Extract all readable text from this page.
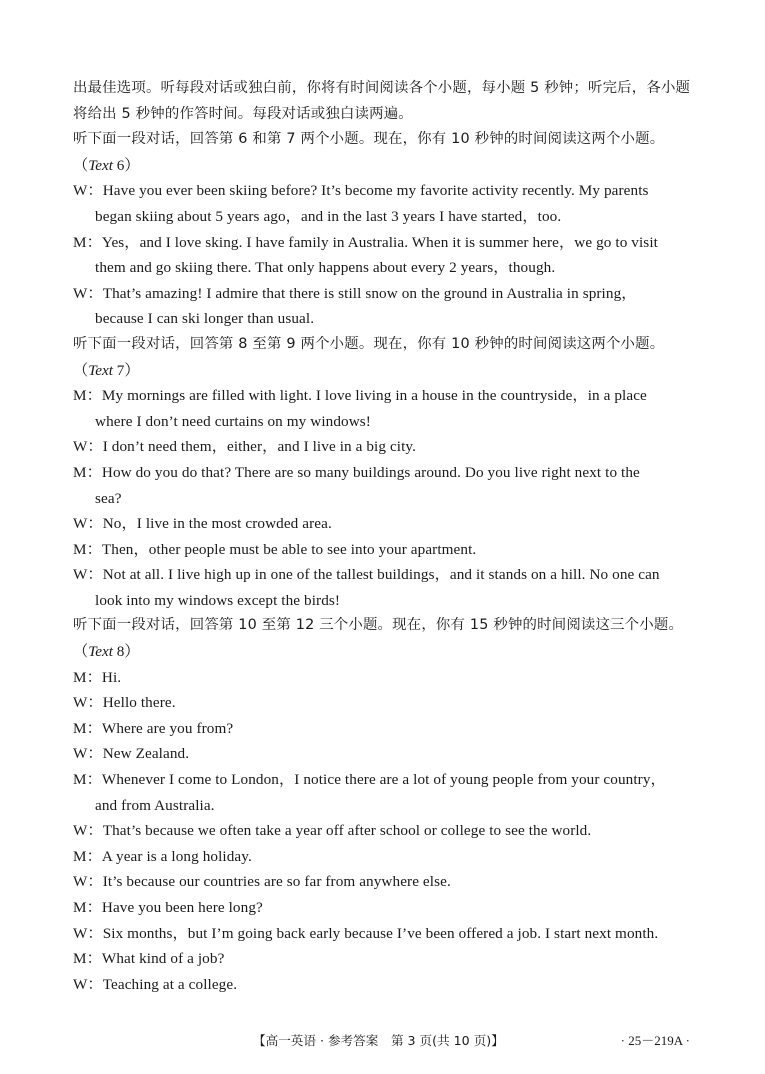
出最佳选项。听每段对话或独白前，你将有时间阅读各个小题，每小题 5 秒钟；听完后，各小题
将给出 5 秒钟的作答时间。每段对话或独白读两遍。
听下面一段对话，回答第 6 和第 7 两个小题。现在，你有 10 秒钟的时间阅读这两个小题。
（Text 6）
W：Have you ever been skiing before? It’s become my favorite activity recently. My parents
began skiing about 5 years ago，and in the last 3 years I have started，too.
M：Yes，and I love sking. I have family in Australia. When it is summer here，we go to visit
them and go skiing there. That only happens about every 2 years，though.
W：That’s amazing! I admire that there is still snow on the ground in Australia in spring，
because I can ski longer than usual.
听下面一段对话，回答第 8 至第 9 两个小题。现在，你有 10 秒钟的时间阅读这两个小题。
（Text 7）
M：My mornings are filled with light. I love living in a house in the countryside，in a place
where I don’t need curtains on my windows!
W：I don’t need them，either，and I live in a big city.
M：How do you do that? There are so many buildings around. Do you live right next to the
sea?
W：No，I live in the most crowded area.
M：Then，other people must be able to see into your apartment.
W：Not at all. I live high up in one of the tallest buildings，and it stands on a hill. No one can
look into my windows except the birds!
听下面一段对话，回答第 10 至第 12 三个小题。现在，你有 15 秒钟的时间阅读这三个小题。
（Text 8）
M：Hi.
W：Hello there.
M：Where are you from?
W：New Zealand.
M：Whenever I come to London，I notice there are a lot of young people from your country，
and from Australia.
W：That’s because we often take a year off after school or college to see the world.
M：A year is a long holiday.
W：It’s because our countries are so far from anywhere else.
M：Have you been here long?
W：Six months，but I’m going back early because I’ve been offered a job. I start next month.
M：What kind of a job?
W：Teaching at a college.
【高一英语 · 参考答案　第 3 页(共 10 页)】	· 25－219A ·
